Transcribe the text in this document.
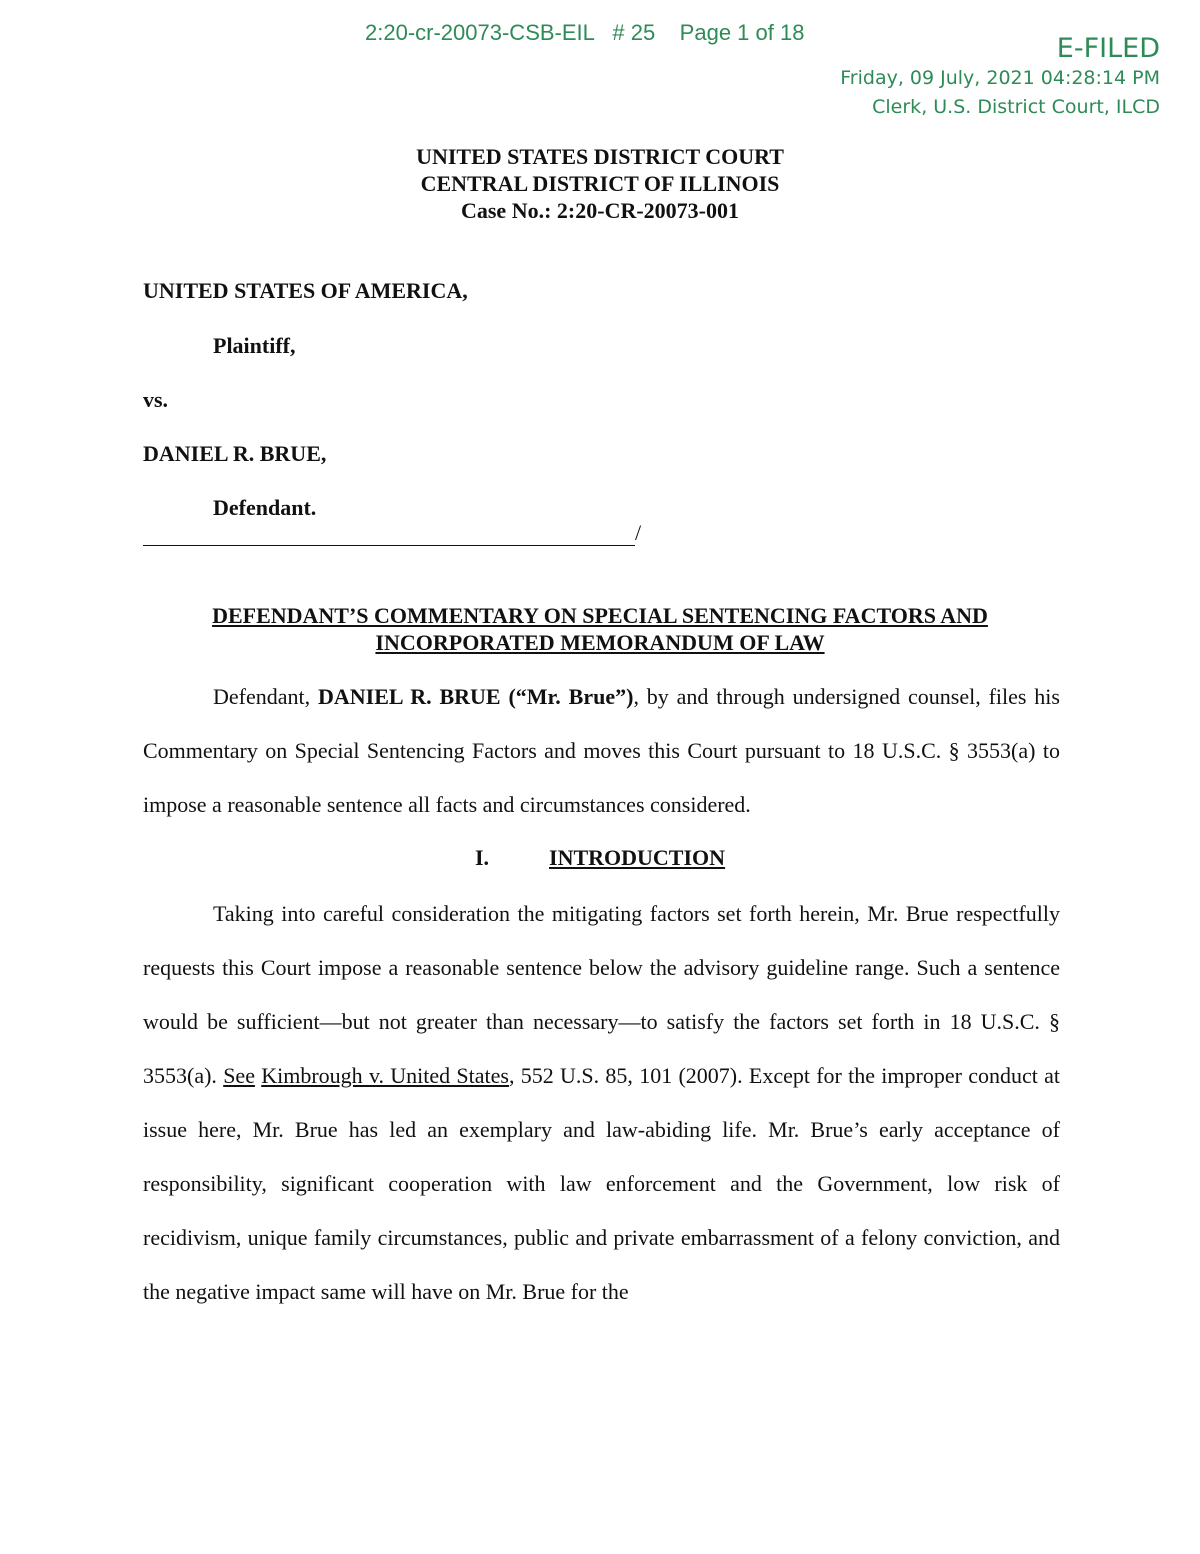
2:20-cr-20073-CSB-EIL   # 25    Page 1 of 18
E-FILED
Friday, 09 July, 2021 04:28:14 PM
Clerk, U.S. District Court, ILCD
UNITED STATES DISTRICT COURT
CENTRAL DISTRICT OF ILLINOIS
Case No.: 2:20-CR-20073-001
UNITED STATES OF AMERICA,
Plaintiff,
vs.
DANIEL R. BRUE,
Defendant.
/
DEFENDANT’S COMMENTARY ON SPECIAL SENTENCING FACTORS AND
INCORPORATED MEMORANDUM OF LAW
Defendant, DANIEL R. BRUE (“Mr. Brue”), by and through undersigned counsel, files his Commentary on Special Sentencing Factors and moves this Court pursuant to 18 U.S.C. § 3553(a) to impose a reasonable sentence all facts and circumstances considered.
I.	INTRODUCTION
Taking into careful consideration the mitigating factors set forth herein, Mr. Brue respectfully requests this Court impose a reasonable sentence below the advisory guideline range. Such a sentence would be sufficient—but not greater than necessary—to satisfy the factors set forth in 18 U.S.C. § 3553(a). See Kimbrough v. United States, 552 U.S. 85, 101 (2007). Except for the improper conduct at issue here, Mr. Brue has led an exemplary and law-abiding life. Mr. Brue’s early acceptance of responsibility, significant cooperation with law enforcement and the Government, low risk of recidivism, unique family circumstances, public and private embarrassment of a felony conviction, and the negative impact same will have on Mr. Brue for the
